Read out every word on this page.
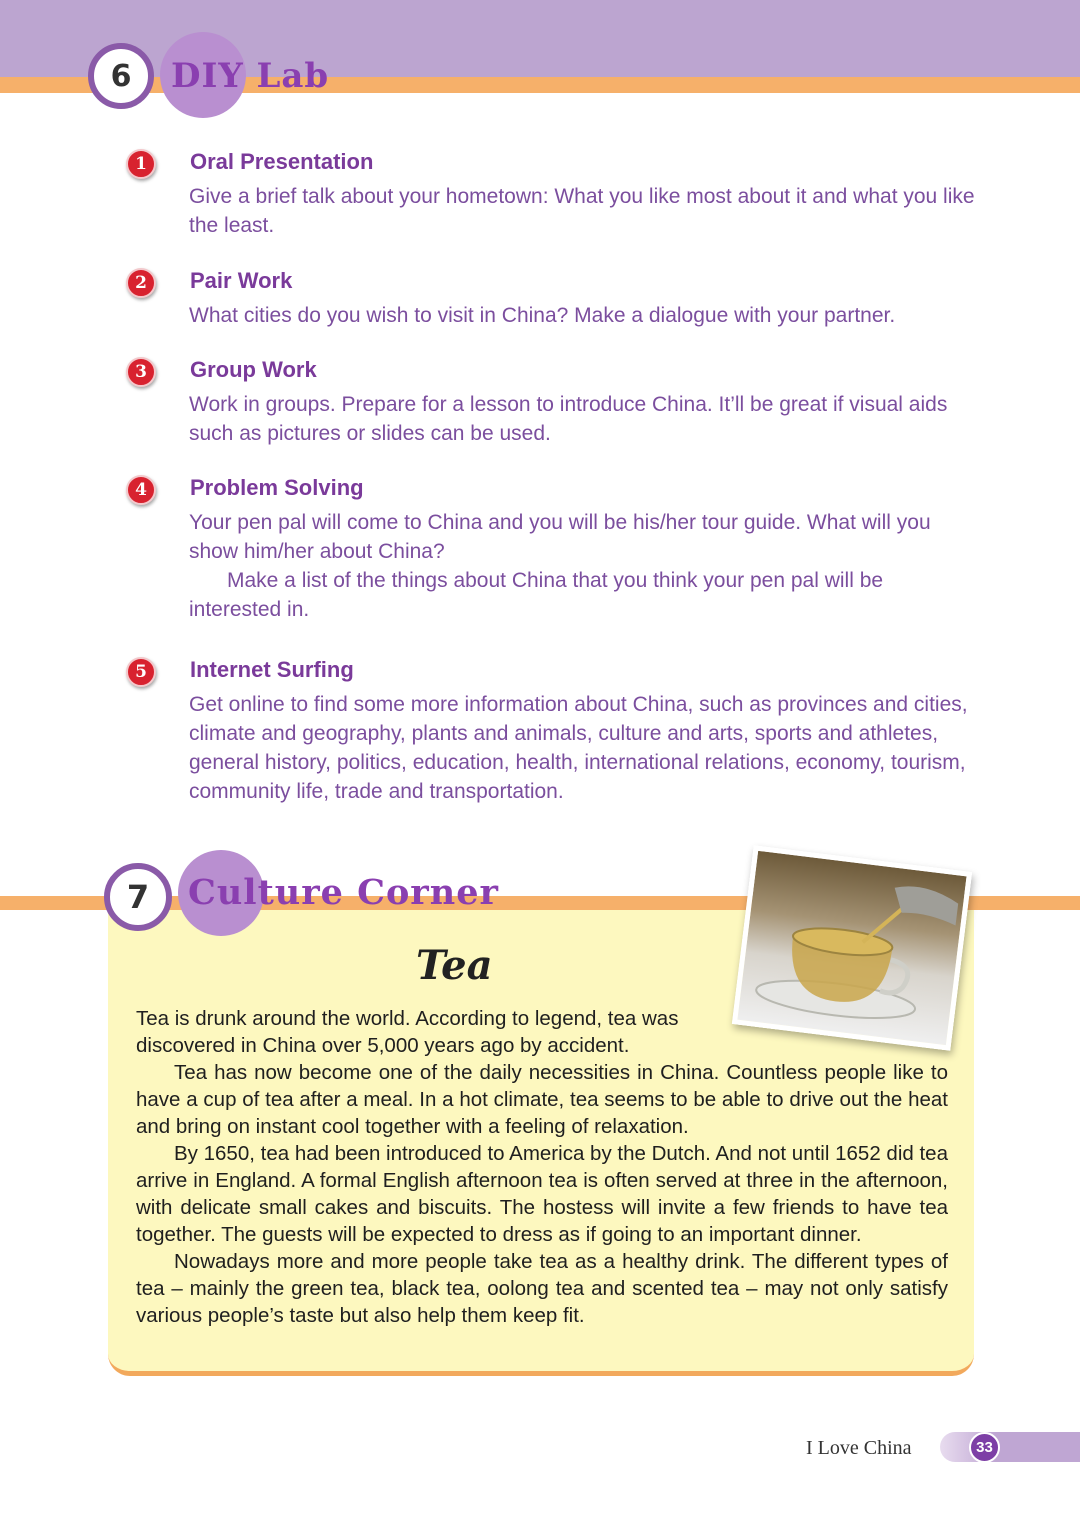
6	DIY Lab
1	Oral Presentation

Give a brief talk about your hometown: What you like most about it and what you like the least.

2	Pair Work

What cities do you wish to visit in China? Make a dialogue with your partner.

3	Group Work

Work in groups. Prepare for a lesson to introduce China. It’ll be great if visual aids such as pictures or slides can be used.

4	Problem Solving

Your pen pal will come to China and you will be his/her tour guide. What will you show him/her about China?

Make a list of the things about China that you think your pen pal will be interested in.

5	Internet Surfing

Get online to find some more information about China, such as provinces and cities, climate and geography, plants and animals, culture and arts, sports and athletes, general history, politics, education, health, international relations, economy, tourism, community life, trade and transportation.

7	Culture Corner
Tea

Tea is drunk around the world. According to legend, tea was discovered in China over 5,000 years ago by accident.

Tea has now become one of the daily necessities in China. Countless people like to have a cup of tea after a meal. In a hot climate, tea seems to be able to drive out the heat and bring on instant cool together with a feeling of relaxation.

By 1650, tea had been introduced to America by the Dutch. And not until 1652 did tea arrive in England. A formal English afternoon tea is often served at three in the afternoon, with delicate small cakes and biscuits. The hostess will invite a few friends to have tea together. The guests will be expected to dress as if going to an important dinner.

Nowadays more and more people take tea as a healthy drink. The different types of tea – mainly the green tea, black tea, oolong tea and scented tea – may not only satisfy various people’s taste but also help them keep fit.

I Love China	33
